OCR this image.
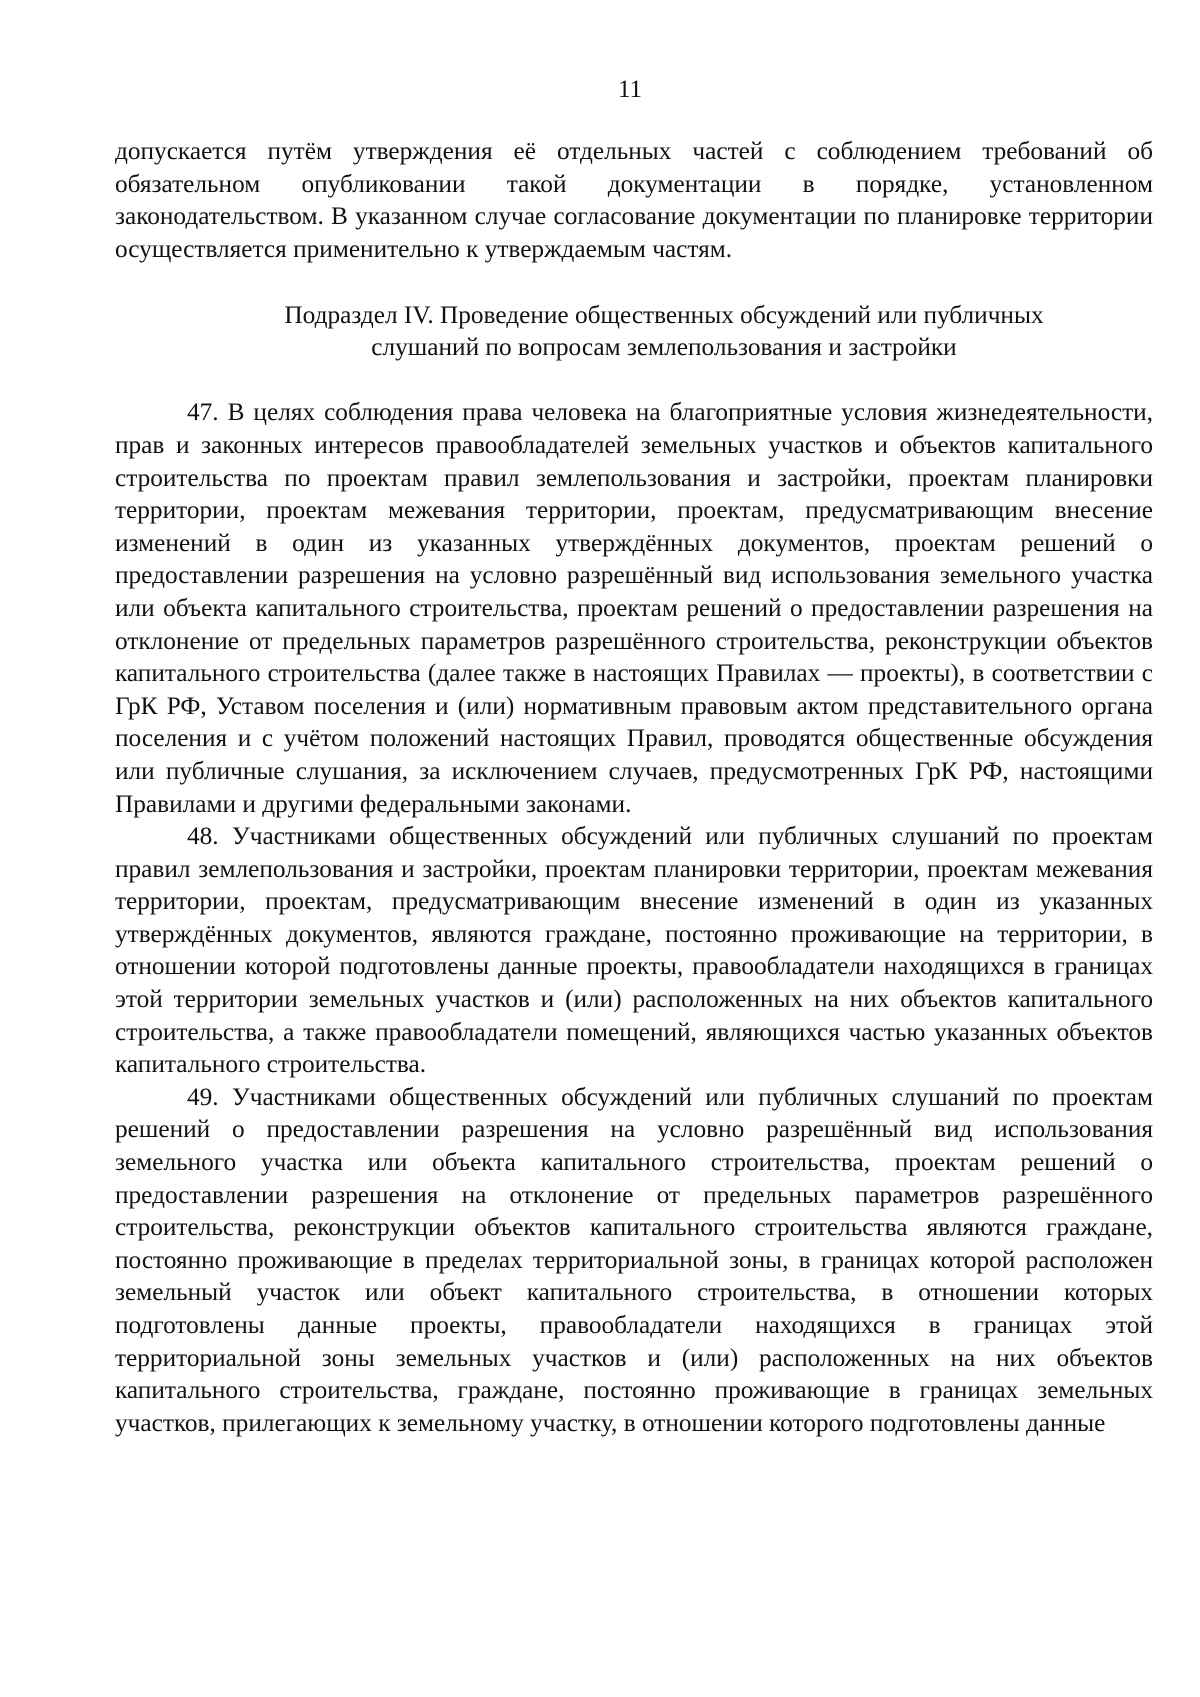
11

допускается путём утверждения её отдельных частей с соблюдением требований об обязательном опубликовании такой документации в порядке, установленном законодательством. В указанном случае согласование документации по планировке территории осуществляется применительно к утверждаемым частям.

Подраздел IV. Проведение общественных обсуждений или публичных
слушаний по вопросам землепользования и застройки

47. В целях соблюдения права человека на благоприятные условия жизнедеятельности, прав и законных интересов правообладателей земельных участков и объектов капитального строительства по проектам правил землепользования и застройки, проектам планировки территории, проектам межевания территории, проектам, предусматривающим внесение изменений в один из указанных утверждённых документов, проектам решений о предоставлении разрешения на условно разрешённый вид использования земельного участка или объекта капитального строительства, проектам решений о предоставлении разрешения на отклонение от предельных параметров разрешённого строительства, реконструкции объектов капитального строительства (далее также в настоящих Правилах — проекты), в соответствии с ГрК РФ, Уставом поселения и (или) нормативным правовым актом представительного органа поселения и с учётом положений настоящих Правил, проводятся общественные обсуждения или публичные слушания, за исключением случаев, предусмотренных ГрК РФ, настоящими Правилами и другими федеральными законами.

48. Участниками общественных обсуждений или публичных слушаний по проектам правил землепользования и застройки, проектам планировки территории, проектам межевания территории, проектам, предусматривающим внесение изменений в один из указанных утверждённых документов, являются граждане, постоянно проживающие на территории, в отношении которой подготовлены данные проекты, правообладатели находящихся в границах этой территории земельных участков и (или) расположенных на них объектов капитального строительства, а также правообладатели помещений, являющихся частью указанных объектов капитального строительства.

49. Участниками общественных обсуждений или публичных слушаний по проектам решений о предоставлении разрешения на условно разрешённый вид использования земельного участка или объекта капитального строительства, проектам решений о предоставлении разрешения на отклонение от предельных параметров разрешённого строительства, реконструкции объектов капитального строительства являются граждане, постоянно проживающие в пределах территориальной зоны, в границах которой расположен земельный участок или объект капитального строительства, в отношении которых подготовлены данные проекты, правообладатели находящихся в границах этой территориальной зоны земельных участков и (или) расположенных на них объектов капитального строительства, граждане, постоянно проживающие в границах земельных участков, прилегающих к земельному участку, в отношении которого подготовлены данные
